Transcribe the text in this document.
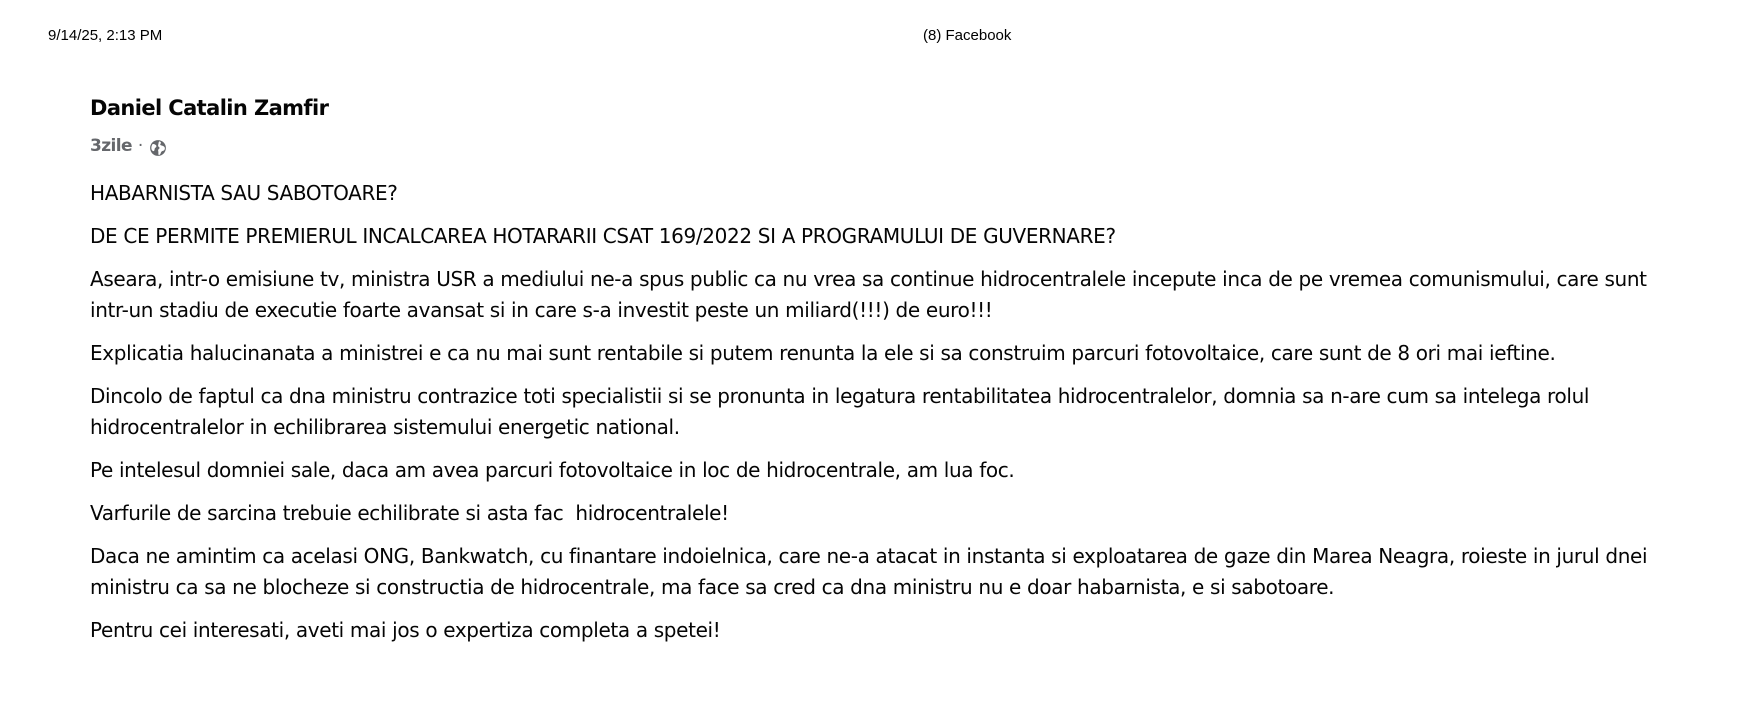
9/14/25, 2:13 PM	(8) Facebook
Daniel Catalin Zamfir
3zile ·

HABARNISTA SAU SABOTOARE?

DE CE PERMITE PREMIERUL INCALCAREA HOTARARII CSAT 169/2022 SI A PROGRAMULUI DE GUVERNARE?

Aseara, intr-o emisiune tv, ministra USR a mediului ne-a spus public ca nu vrea sa continue hidrocentralele incepute inca de pe vremea comunismului, care sunt intr-un stadiu de executie foarte avansat si in care s-a investit peste un miliard(!!!) de euro!!!

Explicatia halucinanata a ministrei e ca nu mai sunt rentabile si putem renunta la ele si sa construim parcuri fotovoltaice, care sunt de 8 ori mai ieftine.

Dincolo de faptul ca dna ministru contrazice toti specialistii si se pronunta in legatura rentabilitatea hidrocentralelor, domnia sa n-are cum sa intelega rolul hidrocentralelor in echilibrarea sistemului energetic national.

Pe intelesul domniei sale, daca am avea parcuri fotovoltaice in loc de hidrocentrale, am lua foc.

Varfurile de sarcina trebuie echilibrate si asta fac  hidrocentralele!

Daca ne amintim ca acelasi ONG, Bankwatch, cu finantare indoielnica, care ne-a atacat in instanta si exploatarea de gaze din Marea Neagra, roieste in jurul dnei ministru ca sa ne blocheze si constructia de hidrocentrale, ma face sa cred ca dna ministru nu e doar habarnista, e si sabotoare.

Pentru cei interesati, aveti mai jos o expertiza completa a spetei!
